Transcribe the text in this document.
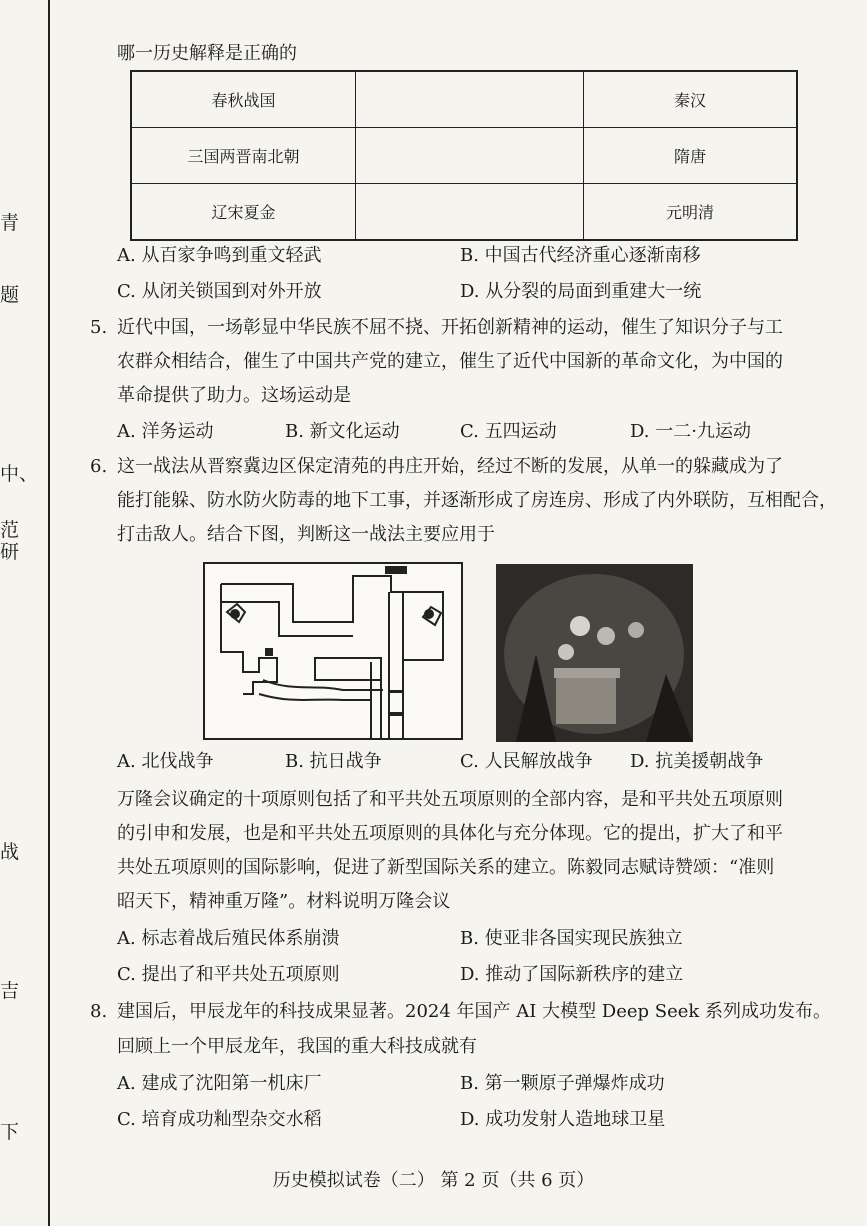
青
题
中、
范研
战
吉
下
哪一历史解释是正确的
春秋战国		秦汉
三国两晋南北朝		隋唐
辽宋夏金		元明清
A. 从百家争鸣到重文轻武	B. 中国古代经济重心逐渐南移
C. 从闭关锁国到对外开放	D. 从分裂的局面到重建大一统
5. 近代中国，一场彰显中华民族不屈不挠、开拓创新精神的运动，催生了知识分子与工
农群众相结合，催生了中国共产党的建立，催生了近代中国新的革命文化，为中国的
革命提供了助力。这场运动是
A. 洋务运动	B. 新文化运动	C. 五四运动	D. 一二·九运动
6. 这一战法从晋察冀边区保定清苑的冉庄开始，经过不断的发展，从单一的躲藏成为了
能打能躲、防水防火防毒的地下工事，并逐渐形成了房连房、形成了内外联防，互相配合，
打击敌人。结合下图，判断这一战法主要应用于
A. 北伐战争	B. 抗日战争	C. 人民解放战争 D. 抗美援朝战争
万隆会议确定的十项原则包括了和平共处五项原则的全部内容，是和平共处五项原则
的引申和发展，也是和平共处五项原则的具体化与充分体现。它的提出，扩大了和平
共处五项原则的国际影响，促进了新型国际关系的建立。陈毅同志赋诗赞颂：“准则
昭天下，精神重万隆”。材料说明万隆会议
A. 标志着战后殖民体系崩溃	B. 使亚非各国实现民族独立
C. 提出了和平共处五项原则	D. 推动了国际新秩序的建立
8. 建国后，甲辰龙年的科技成果显著。2024 年国产 AI 大模型 Deep Seek 系列成功发布。
回顾上一个甲辰龙年，我国的重大科技成就有
A. 建成了沈阳第一机床厂	B. 第一颗原子弹爆炸成功
C. 培育成功籼型杂交水稻	D. 成功发射人造地球卫星
历史模拟试卷（二） 第 2 页（共 6 页）
